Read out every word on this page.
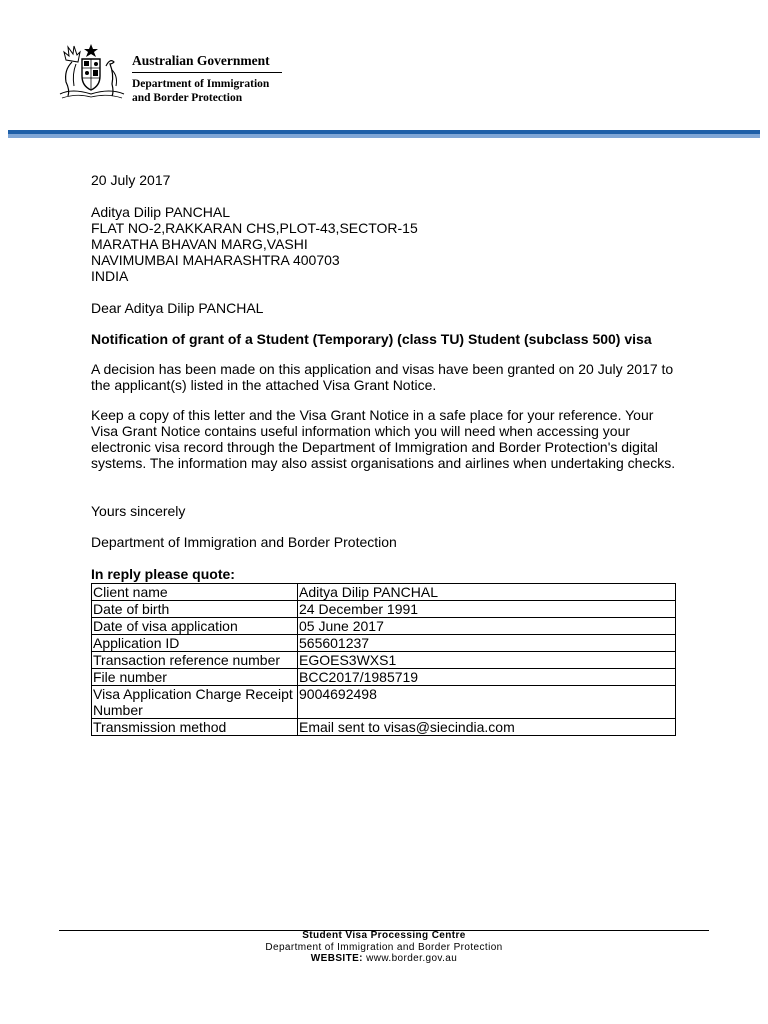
Australian Government
Department of Immigration
and Border Protection
20 July 2017
Aditya Dilip PANCHAL
FLAT NO-2,RAKKARAN CHS,PLOT-43,SECTOR-15
MARATHA BHAVAN MARG,VASHI
NAVIMUMBAI MAHARASHTRA 400703
INDIA
Dear Aditya Dilip PANCHAL
Notification of grant of a Student (Temporary) (class TU) Student (subclass 500) visa
A decision has been made on this application and visas have been granted on 20 July 2017 to the applicant(s) listed in the attached Visa Grant Notice.
Keep a copy of this letter and the Visa Grant Notice in a safe place for your reference. Your Visa Grant Notice contains useful information which you will need when accessing your electronic visa record through the Department of Immigration and Border Protection's digital systems. The information may also assist organisations and airlines when undertaking checks.
Yours sincerely
Department of Immigration and Border Protection
In reply please quote:
Client name	Aditya Dilip PANCHAL
Date of birth	24 December 1991
Date of visa application	05 June 2017
Application ID	565601237
Transaction reference number	EGOES3WXS1
File number	BCC2017/1985719
Visa Application Charge Receipt Number	9004692498
Transmission method	Email sent to visas@siecindia.com
Student Visa Processing Centre
Department of Immigration and Border Protection
WEBSITE: www.border.gov.au
